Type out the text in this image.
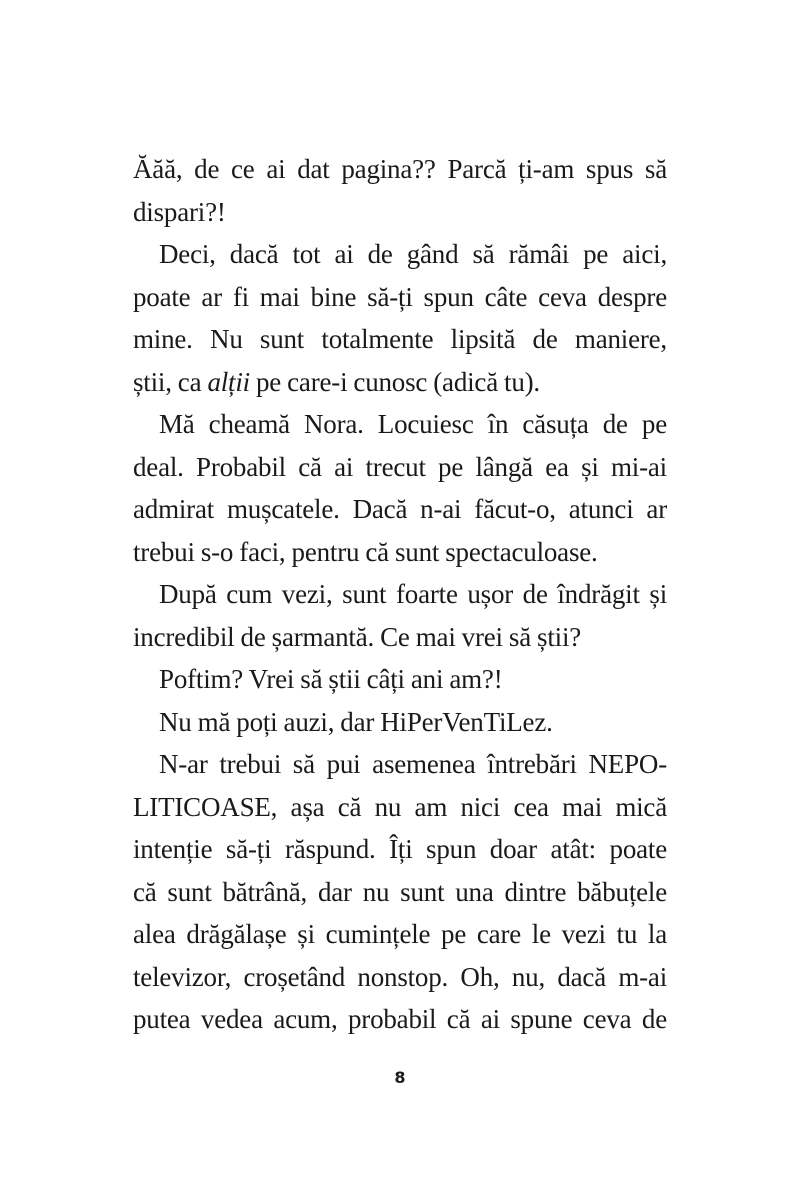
Ăăă, de ce ai dat pagina?? Parcă ți-am spus să
dispari?!
Deci, dacă tot ai de gând să rămâi pe aici,
poate ar fi mai bine să-ți spun câte ceva despre
mine. Nu sunt totalmente lipsită de maniere,
știi, ca alții pe care-i cunosc (adică tu).
Mă cheamă Nora. Locuiesc în căsuța de pe
deal. Probabil că ai trecut pe lângă ea și mi-ai
admirat mușcatele. Dacă n-ai făcut-o, atunci ar
trebui s-o faci, pentru că sunt spectaculoase.
După cum vezi, sunt foarte ușor de îndrăgit și
incredibil de șarmantă. Ce mai vrei să știi?
Poftim? Vrei să știi câți ani am?!
Nu mă poți auzi, dar HiPerVenTiLez.
N-ar trebui să pui asemenea întrebări NEPO-
LITICOASE, așa că nu am nici cea mai mică
intenție să-ți răspund. Îți spun doar atât: poate
că sunt bătrână, dar nu sunt una dintre băbuțele
alea drăgălașe și cumințele pe care le vezi tu la
televizor, croșetând nonstop. Oh, nu, dacă m-ai
putea vedea acum, probabil că ai spune ceva de
8
